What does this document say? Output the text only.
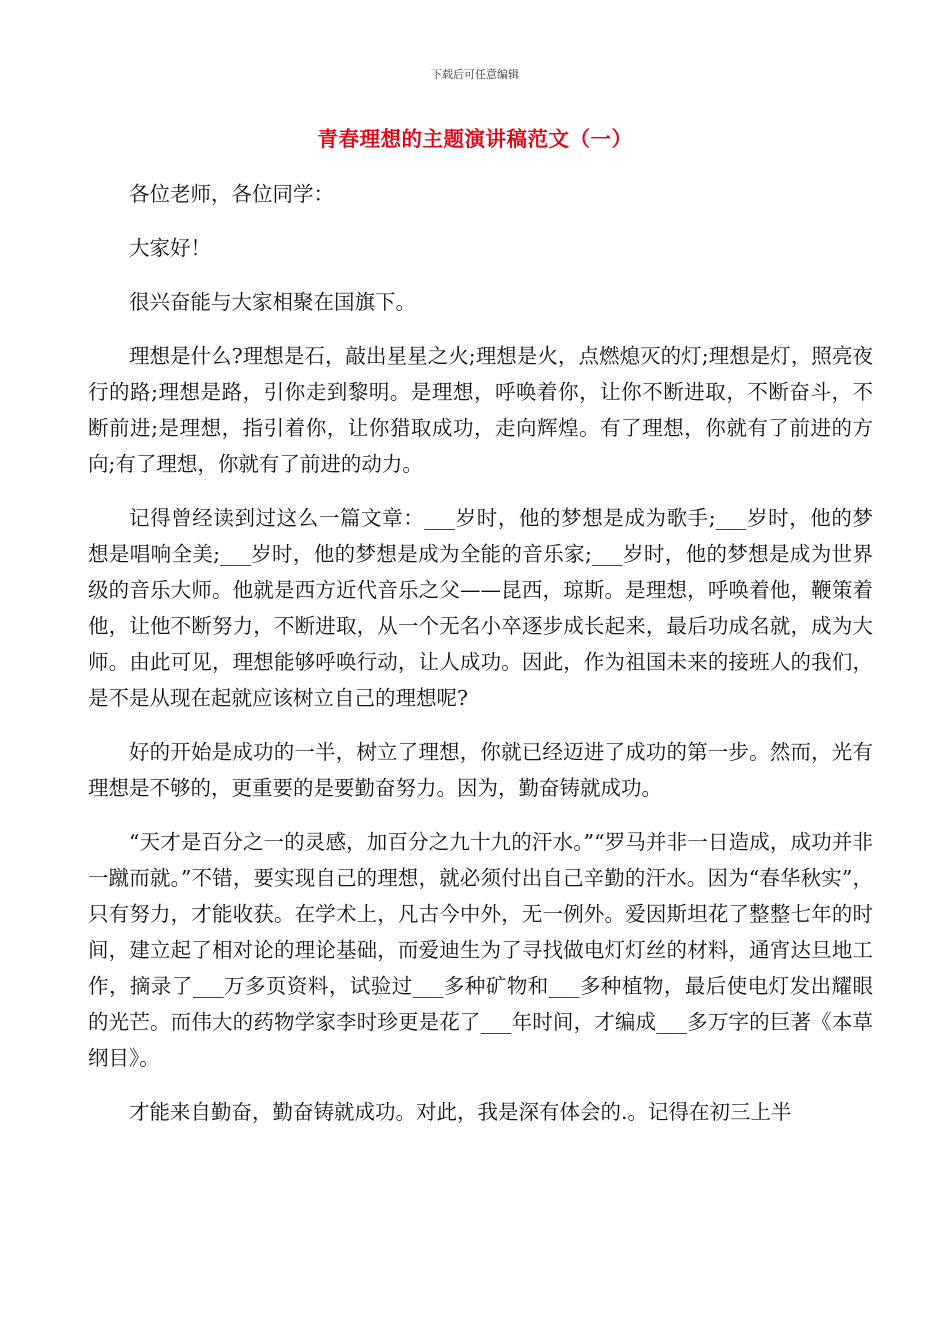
下载后可任意编辑
青春理想的主题演讲稿范文（一）

各位老师，各位同学：

大家好！

很兴奋能与大家相聚在国旗下。

理想是什么?理想是石，敲出星星之火;理想是火，点燃熄灭的灯;理想是灯，照亮夜行的路;理想是路，引你走到黎明。是理想，呼唤着你，让你不断进取，不断奋斗，不断前进;是理想，指引着你，让你猎取成功，走向辉煌。有了理想，你就有了前进的方向;有了理想，你就有了前进的动力。

记得曾经读到过这么一篇文章：___岁时，他的梦想是成为歌手;___岁时，他的梦想是唱响全美;___岁时，他的梦想是成为全能的音乐家;___岁时，他的梦想是成为世界级的音乐大师。他就是西方近代音乐之父——昆西，琼斯。是理想，呼唤着他，鞭策着他，让他不断努力，不断进取，从一个无名小卒逐步成长起来，最后功成名就，成为大师。由此可见，理想能够呼唤行动，让人成功。因此，作为祖国未来的接班人的我们，是不是从现在起就应该树立自己的理想呢?

好的开始是成功的一半，树立了理想，你就已经迈进了成功的第一步。然而，光有理想是不够的，更重要的是要勤奋努力。因为，勤奋铸就成功。

“天才是百分之一的灵感，加百分之九十九的汗水。”“罗马并非一日造成，成功并非一蹴而就。”不错，要实现自己的理想，就必须付出自己辛勤的汗水。因为“春华秋实”，只有努力，才能收获。在学术上，凡古今中外，无一例外。爱因斯坦花了整整七年的时间，建立起了相对论的理论基础，而爱迪生为了寻找做电灯灯丝的材料，通宵达旦地工作，摘录了___万多页资料，试验过___多种矿物和___多种植物，最后使电灯发出耀眼的光芒。而伟大的药物学家李时珍更是花了___年时间，才编成___多万字的巨著《本草纲目》。

才能来自勤奋，勤奋铸就成功。对此，我是深有体会的.。记得在初三上半
